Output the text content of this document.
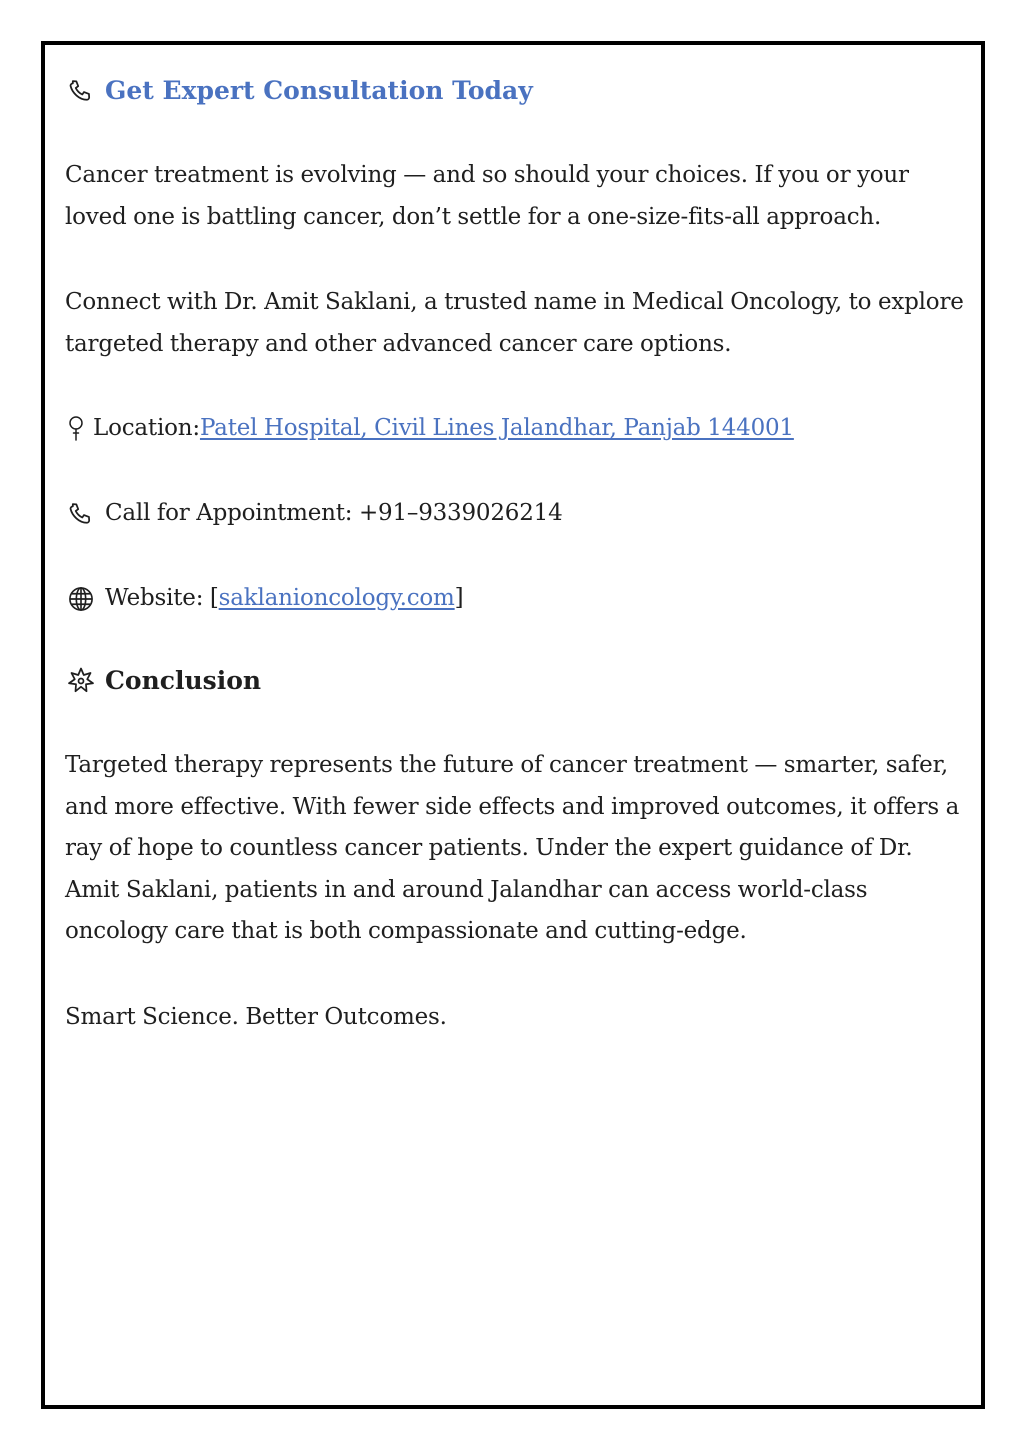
Get Expert Consultation Today

Cancer treatment is evolving — and so should your choices. If you or your loved one is battling cancer, don’t settle for a one-size-fits-all approach.

Connect with Dr. Amit Saklani, a trusted name in Medical Oncology, to explore targeted therapy and other advanced cancer care options.

Location: Patel Hospital, Civil Lines Jalandhar, Panjab 144001
Call for Appointment: +91–9339026214
Website: [ saklanioncology.com ]
Conclusion

Targeted therapy represents the future of cancer treatment — smarter, safer, and more effective. With fewer side effects and improved outcomes, it offers a ray of hope to countless cancer patients. Under the expert guidance of Dr. Amit Saklani, patients in and around Jalandhar can access world-class oncology care that is both compassionate and cutting-edge.

Smart Science. Better Outcomes.
